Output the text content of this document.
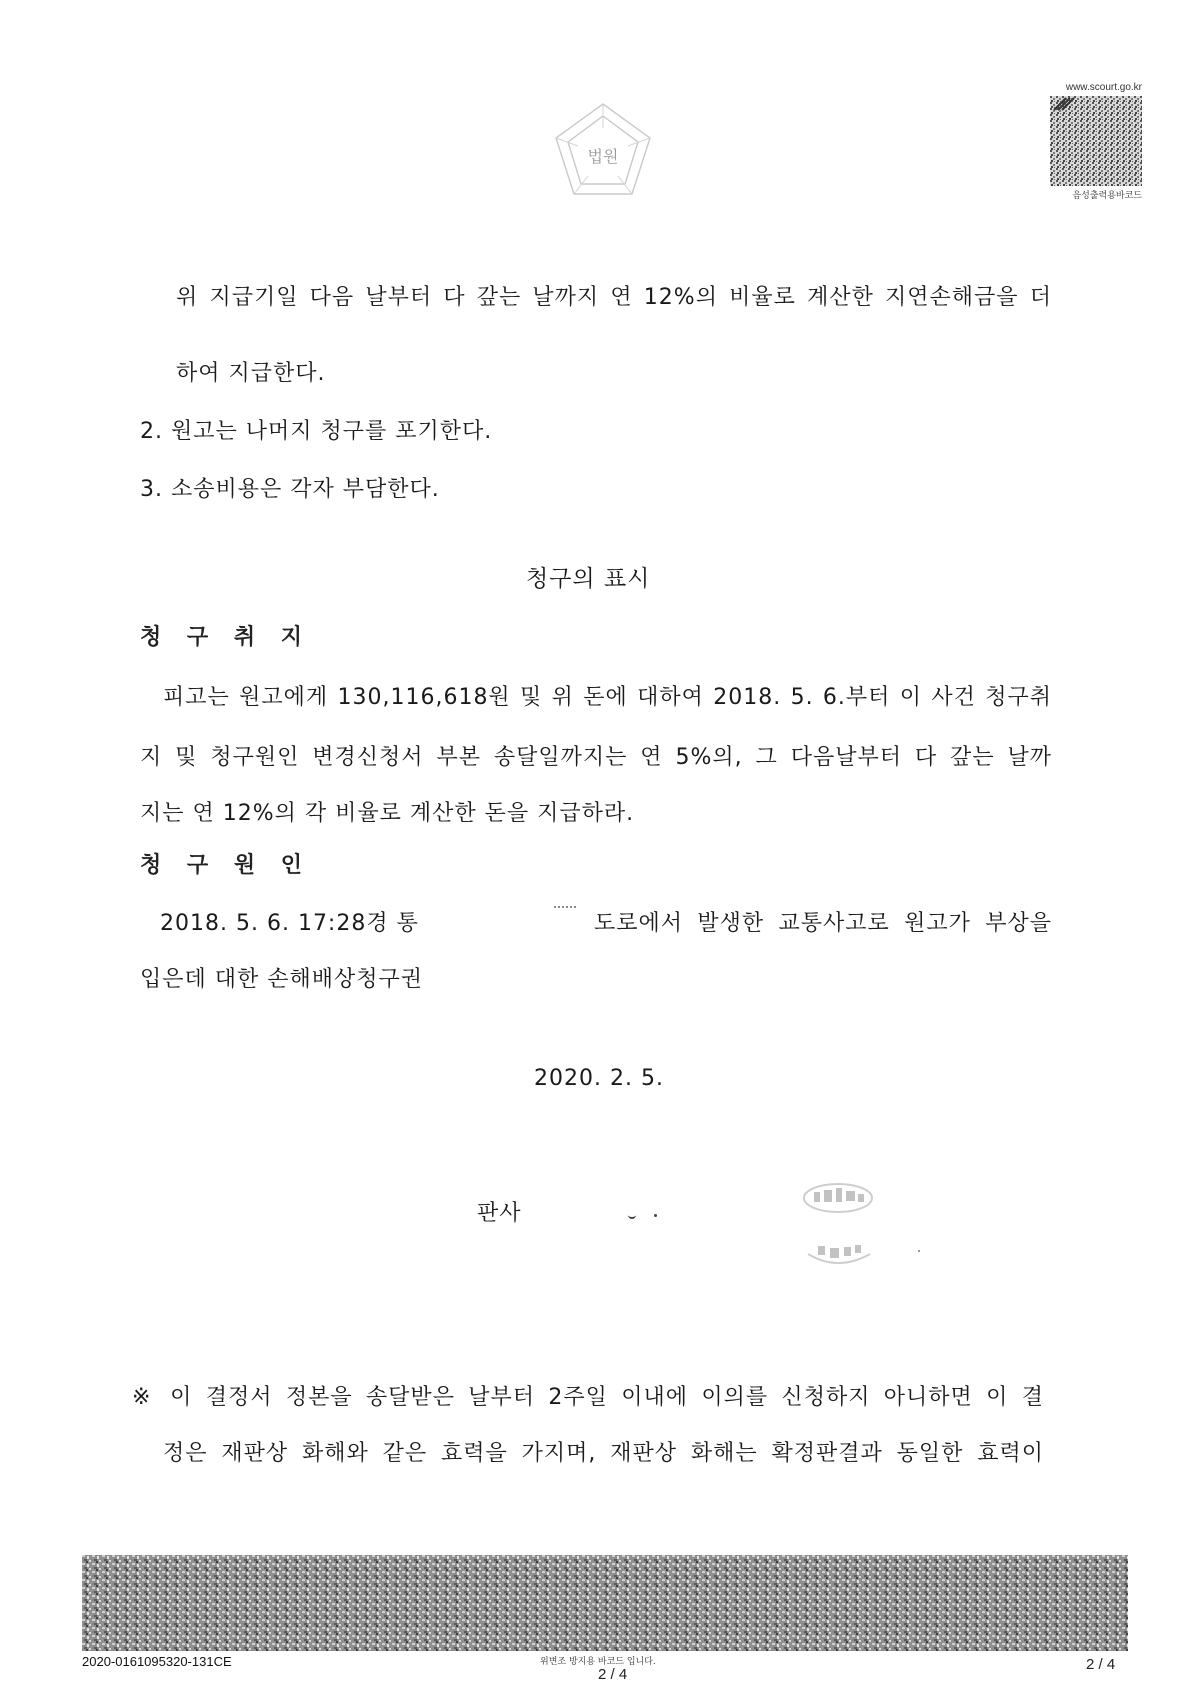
법원
www.scourt.go.kr
음성출력용바코드
위 지급기일 다음 날부터 다 갚는 날까지 연 12%의 비율로 계산한 지연손해금을 더
하여 지급한다.
2. 원고는 나머지 청구를 포기한다.
3. 소송비용은 각자 부담한다.
청구의 표시
청 구 취 지
피고는 원고에게 130,116,618원 및 위 돈에 대하여 2018. 5. 6.부터 이 사건 청구취
지 및 청구원인 변경신청서 부본 송달일까지는 연 5%의, 그 다음날부터 다 갚는 날까
지는 연 12%의 각 비율로 계산한 돈을 지급하라.
청 구 원 인
2018. 5. 6. 17:28경 통	도로에서 발생한 교통사고로 원고가 부상을
입은데 대한 손해배상청구권
2020. 2. 5.
판사
※ 이 결정서 정본을 송달받은 날부터 2주일 이내에 이의를 신청하지 아니하면 이 결
정은 재판상 화해와 같은 효력을 가지며, 재판상 화해는 확정판결과 동일한 효력이
2020-0161095320-131CE	위변조 방지용 바코드 입니다.
2 / 4
2 / 4
